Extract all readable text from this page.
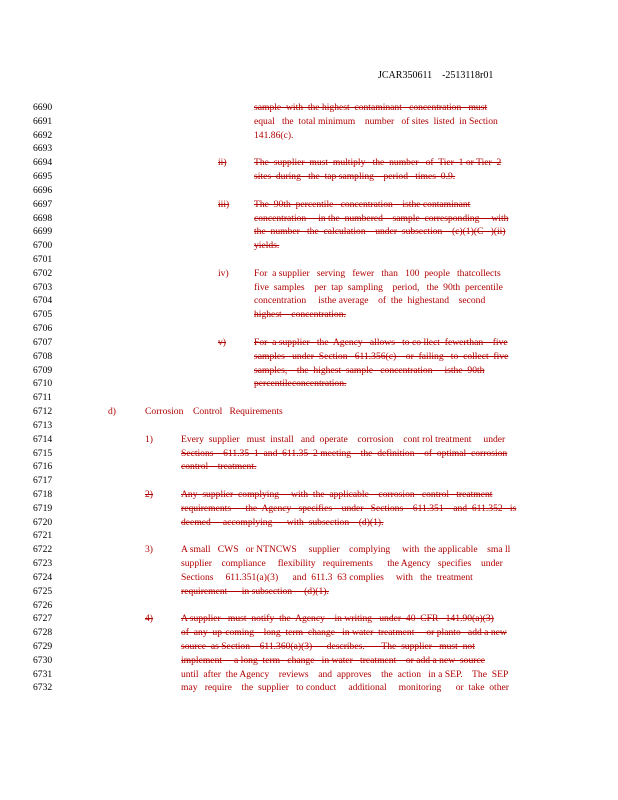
JCAR350611    -2513118r01
6690	sample  with  the highest  contaminant   concentration   must
6691	equal   the  total minimum    number   of sites  listed  in Section
6692	141.86(c).
6693
6694	ii)	The  supplier  must  multiply   the  number   of  Tier  1 or Tier  2
6695	sites  during   the  tap sampling    period   times  0.9.
6696
6697	iii)	The  90th  percentile   concentration    isthe contaminant
6698	concentration     in the  numbered    sample  corresponding     with
6699	the  number   the  calculation    under  subsection    (c)(1)(C   )(ii)
6700	yields.
6701
6702	iv)	For  a supplier   serving   fewer   than   100  people   thatcollects
6703	five  samples    per  tap  sampling    period,   the  90th  percentile
6704	concentration     isthe average    of  the  highestand    second
6705	highest    concentration.
6706
6707	v)	For  a supplier   the  Agency   allows   to co llect  fewerthan    five
6708	samples   under  Section   611.356(c)    or  failing   to  collect  five
6709	samples,    the  highest  sample   concentration     isthe  90th
6710	percentileconcentration.
6711
6712	d)	Corrosion    Control   Requirements
6713
6714	1)	Every  supplier   must  install   and  operate    corrosion    cont rol treatment     under
6715	Sections    611.35  1  and  611.35  2 meeting    the  definition    of  optimal  corrosion
6716	control    treatment.
6717
6718	2)	Any  supplier  complying     with  the  applicable    corrosion   control   treatment
6719	requirements      the  Agency   specifies    under   Sections    611.351    and  611.352   is
6720	deemed     accomplying      with  subsection    (d)(1).
6721
6722	3)	A small   CWS   or NTNCWS     supplier    complying     with  the applicable    sma ll
6723	supplier    compliance     flexibility   requirements      the Agency   specifies    under
6724	Sections     611.351(a)(3)      and  611.3  63 complies     with   the  treatment
6725	requirement      in subsection     (d)(1).
6726
6727	4)	A supplier   must  notify  the  Agency    in writing   under  40  CFR   141.90(a)(3)
6728	of  any  up-coming    long  term  change   in water  treatment     or planto   add a new
6729	source  as Section    611.360(a)(3)      describes.       The  supplier   must  not
6730	implement     a long  term   change   in water   treatment    or add a new  source
6731	until  after  the Agency    reviews    and  approves    the  action   in a SEP.    The  SEP
6732	may   require    the  supplier   to conduct     additional     monitoring      or  take  other
